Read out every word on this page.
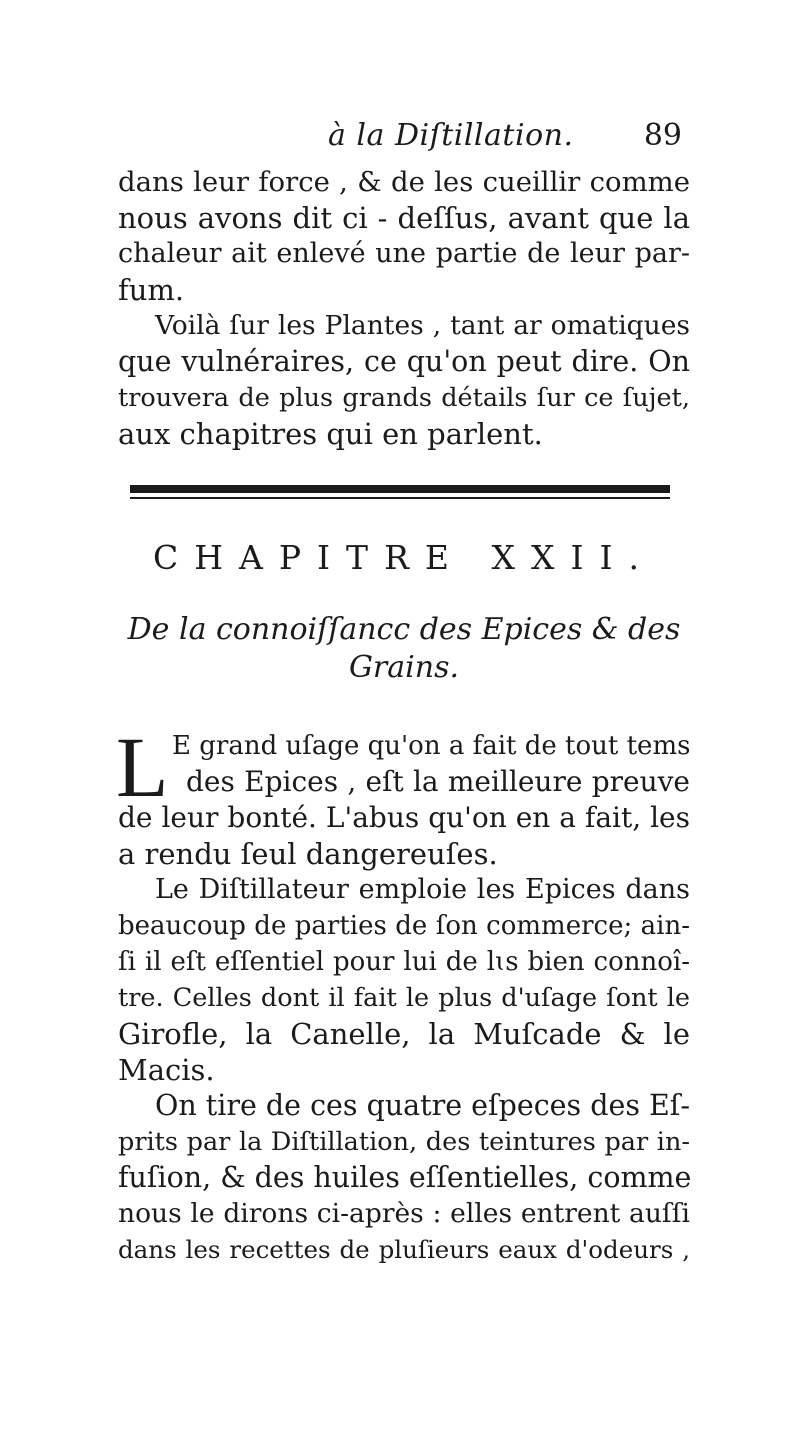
à la Diſtillation. 89
dans leur force , & de les cueillir comme
nous avons dit ci - deſſus, avant que la
chaleur ait enlevé une partie de leur par-
fum.
Voilà ſur les Plantes , tant ar omatiques
que vulnéraires, ce qu'on peut dire. On
trouvera de plus grands détails ſur ce ſujet,
aux chapitres qui en parlent.
CHAPITRE XXII.
De la connoiſſancc des Epices & des
Grains.
L E grand uſage qu'on a fait de tout tems
des Epices , eſt la meilleure preuve
de leur bonté. L'abus qu'on en a fait, les
a rendu ſeul dangereuſes.
Le Diſtillateur emploie les Epices dans
beaucoup de parties de ſon commerce; ain-
ſi il eſt eſſentiel pour lui de lɩs bien connoî-
tre. Celles dont il fait le plus d'uſage ſont le
Girofle, la Canelle, la Muſcade & le
Macis.
On tire de ces quatre eſpeces des Eſ-
prits par la Diſtillation, des teintures par in-
fuſion, & des huiles eſſentielles, comme
nous le dirons ci-après : elles entrent auſſi
dans les recettes de pluſieurs eaux d'odeurs ,
